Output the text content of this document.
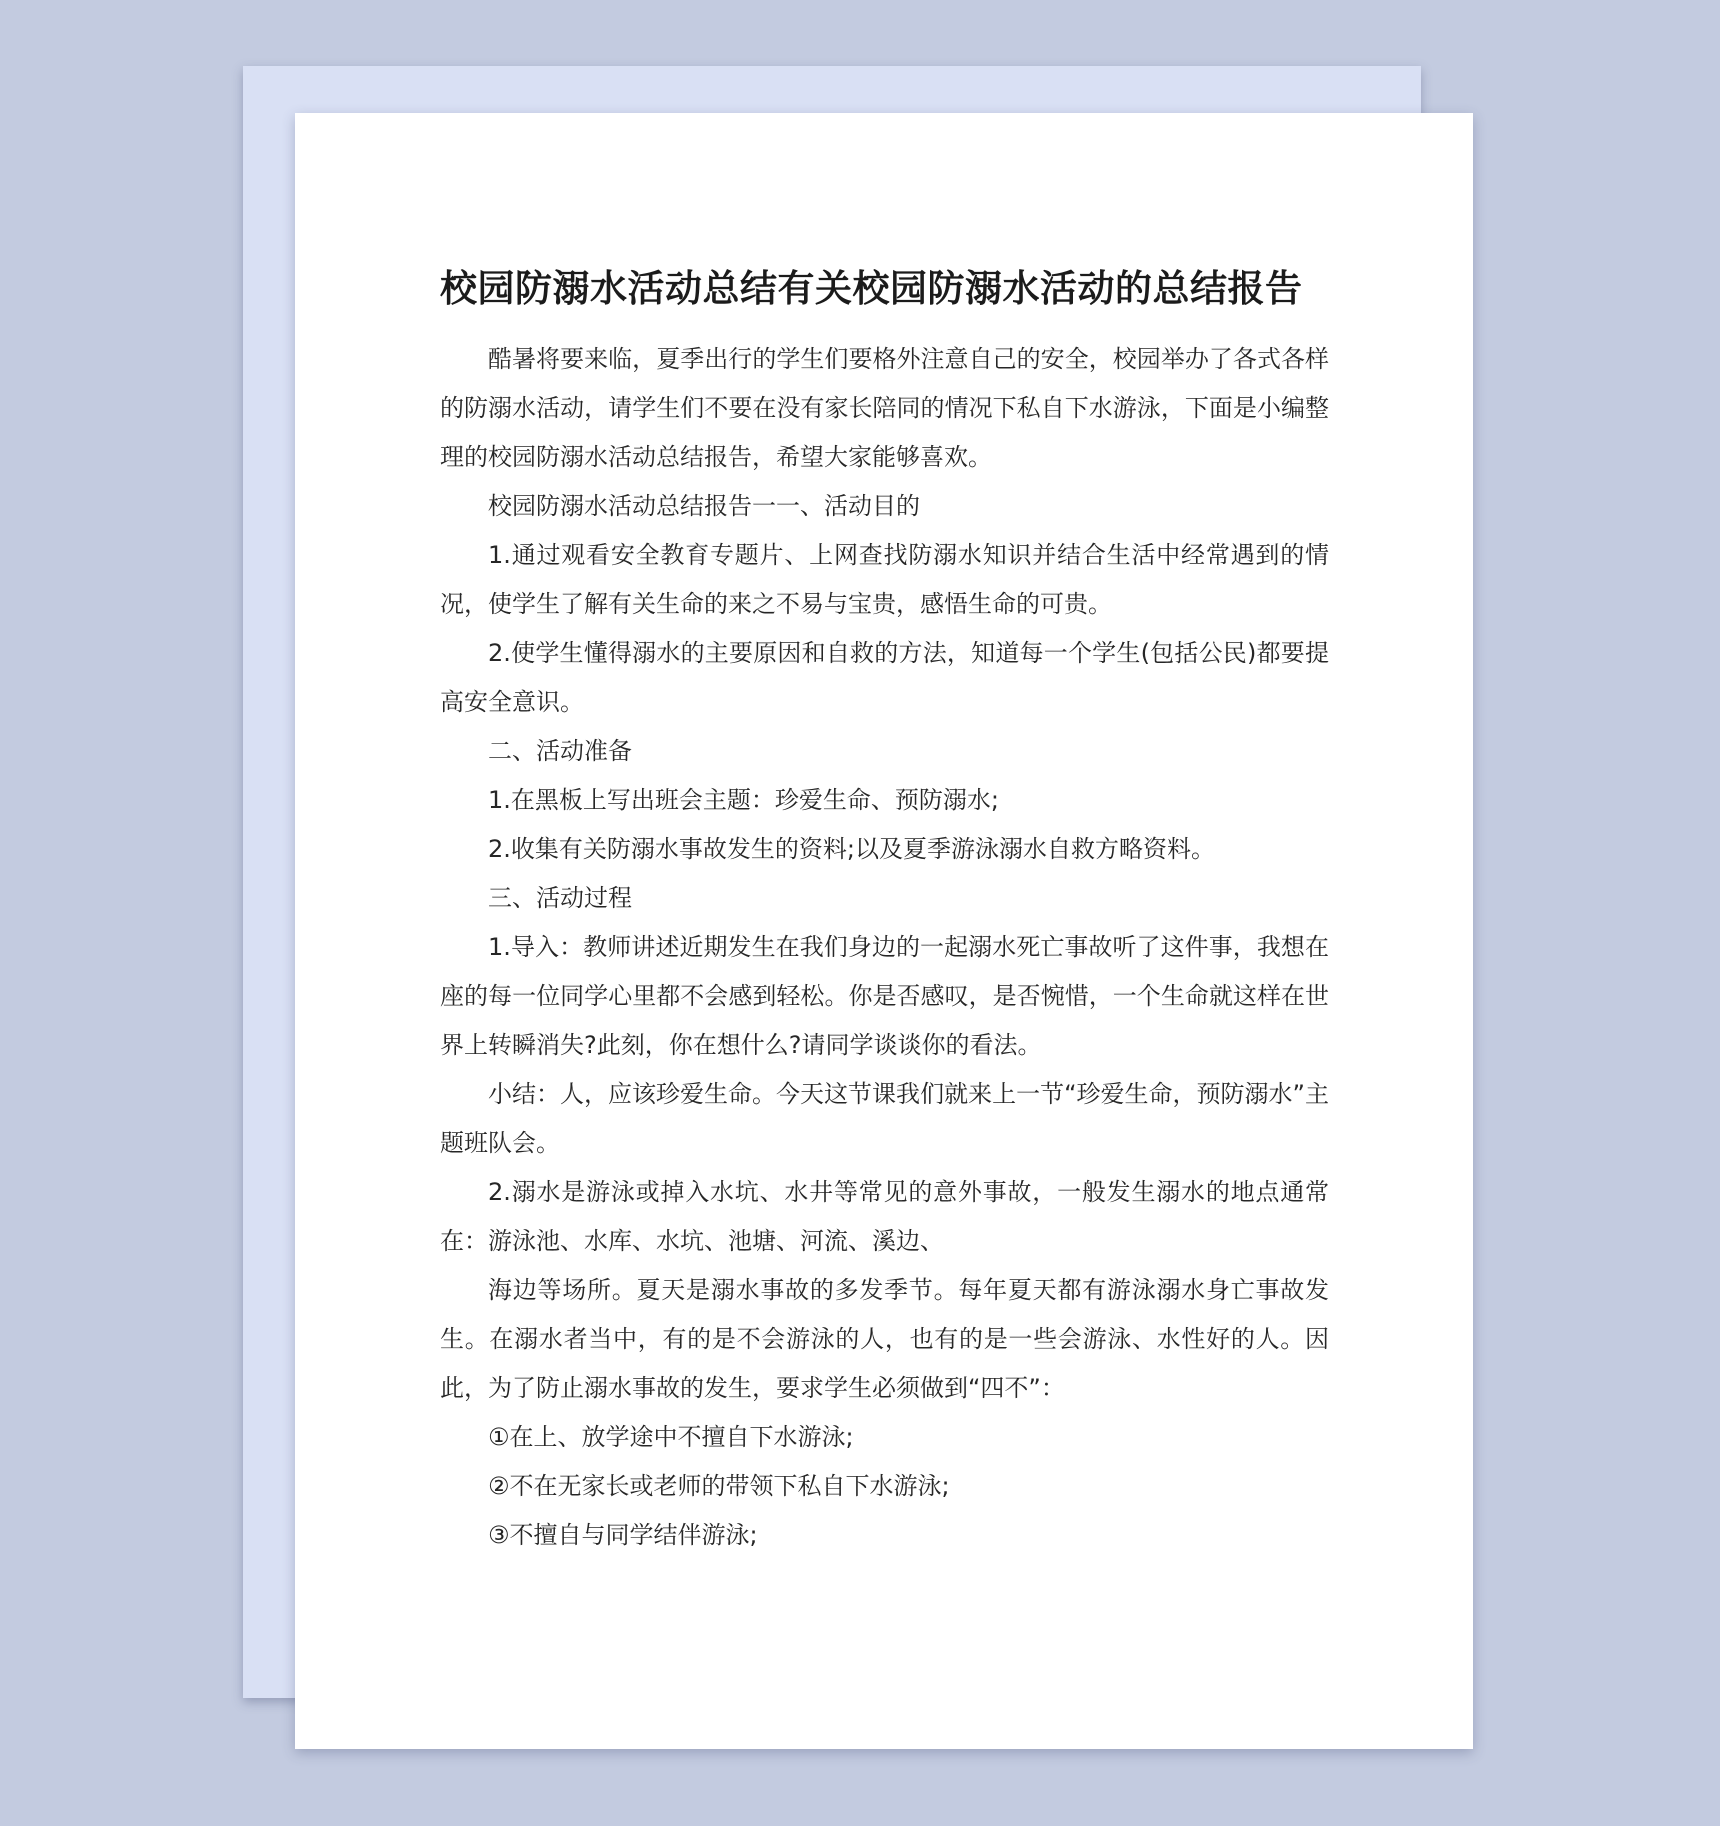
校园防溺水活动总结有关校园防溺水活动的总结报告

酷暑将要来临，夏季出行的学生们要格外注意自己的安全，校园举办了各式各样的防溺水活动，请学生们不要在没有家长陪同的情况下私自下水游泳，下面是小编整理的校园防溺水活动总结报告，希望大家能够喜欢。

校园防溺水活动总结报告一一、活动目的

1.通过观看安全教育专题片、上网查找防溺水知识并结合生活中经常遇到的情况，使学生了解有关生命的来之不易与宝贵，感悟生命的可贵。

2.使学生懂得溺水的主要原因和自救的方法，知道每一个学生(包括公民)都要提高安全意识。

二、活动准备

1.在黑板上写出班会主题：珍爱生命、预防溺水;

2.收集有关防溺水事故发生的资料;以及夏季游泳溺水自救方略资料。

三、活动过程

1.导入：教师讲述近期发生在我们身边的一起溺水死亡事故听了这件事，我想在座的每一位同学心里都不会感到轻松。你是否感叹，是否惋惜，一个生命就这样在世界上转瞬消失?此刻，你在想什么?请同学谈谈你的看法。

小结：人，应该珍爱生命。今天这节课我们就来上一节“珍爱生命，预防溺水”主题班队会。

2.溺水是游泳或掉入水坑、水井等常见的意外事故，一般发生溺水的地点通常在：游泳池、水库、水坑、池塘、河流、溪边、

海边等场所。夏天是溺水事故的多发季节。每年夏天都有游泳溺水身亡事故发生。在溺水者当中，有的是不会游泳的人，也有的是一些会游泳、水性好的人。因此，为了防止溺水事故的发生，要求学生必须做到“四不”：

①在上、放学途中不擅自下水游泳;

②不在无家长或老师的带领下私自下水游泳;

③不擅自与同学结伴游泳;
